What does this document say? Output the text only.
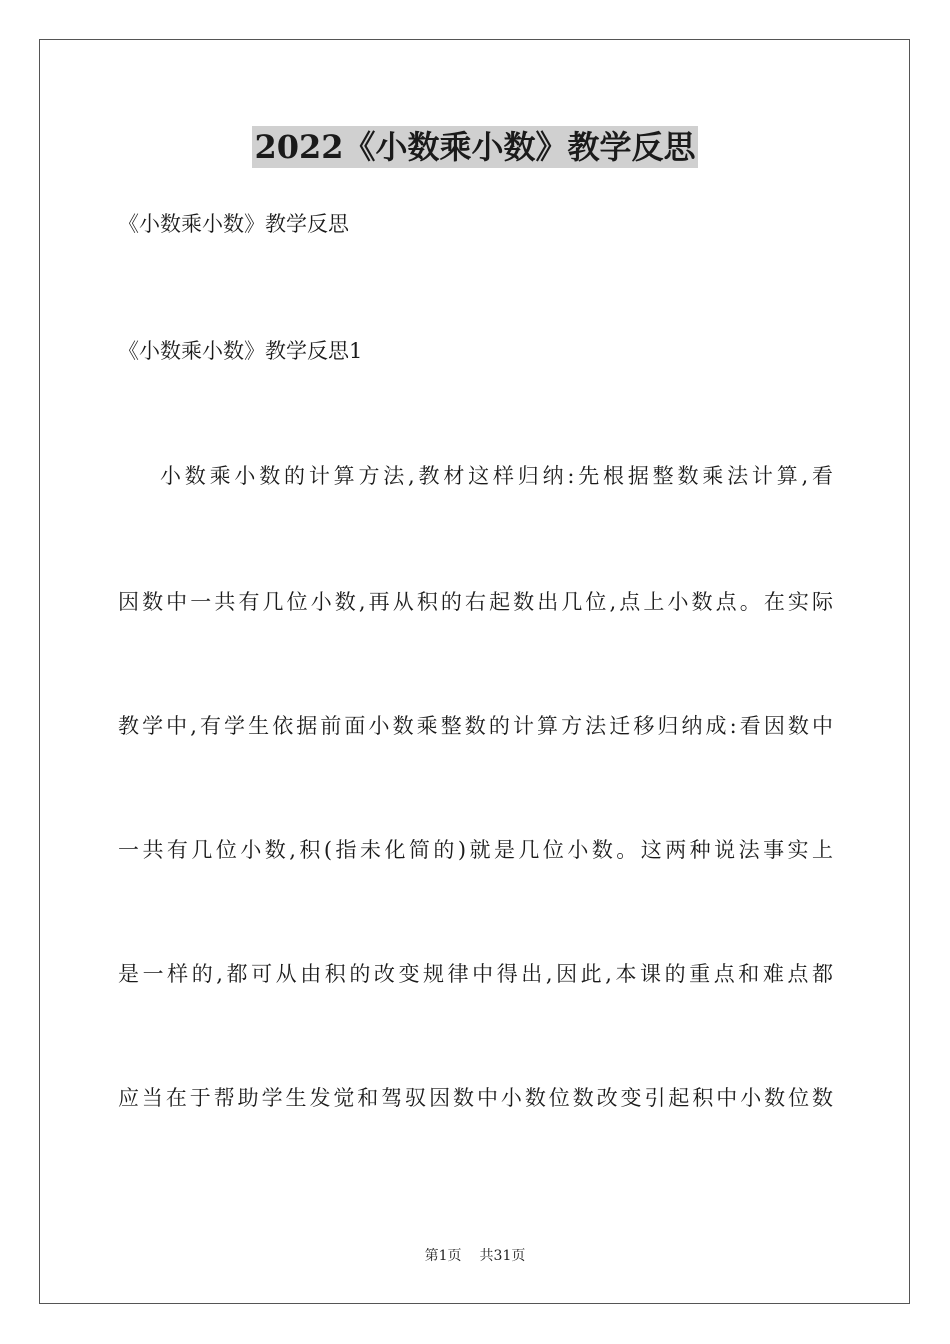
2022《小数乘小数》教学反思
《小数乘小数》教学反思
《小数乘小数》教学反思1
小数乘小数的计算方法,教材这样归纳:先根据整数乘法计算,看
因数中一共有几位小数,再从积的右起数出几位,点上小数点。在实际
教学中,有学生依据前面小数乘整数的计算方法迁移归纳成:看因数中
一共有几位小数,积(指未化简的)就是几位小数。这两种说法事实上
是一样的,都可从由积的改变规律中得出,因此,本课的重点和难点都
应当在于帮助学生发觉和驾驭因数中小数位数改变引起积中小数位数
第1页 共31页
